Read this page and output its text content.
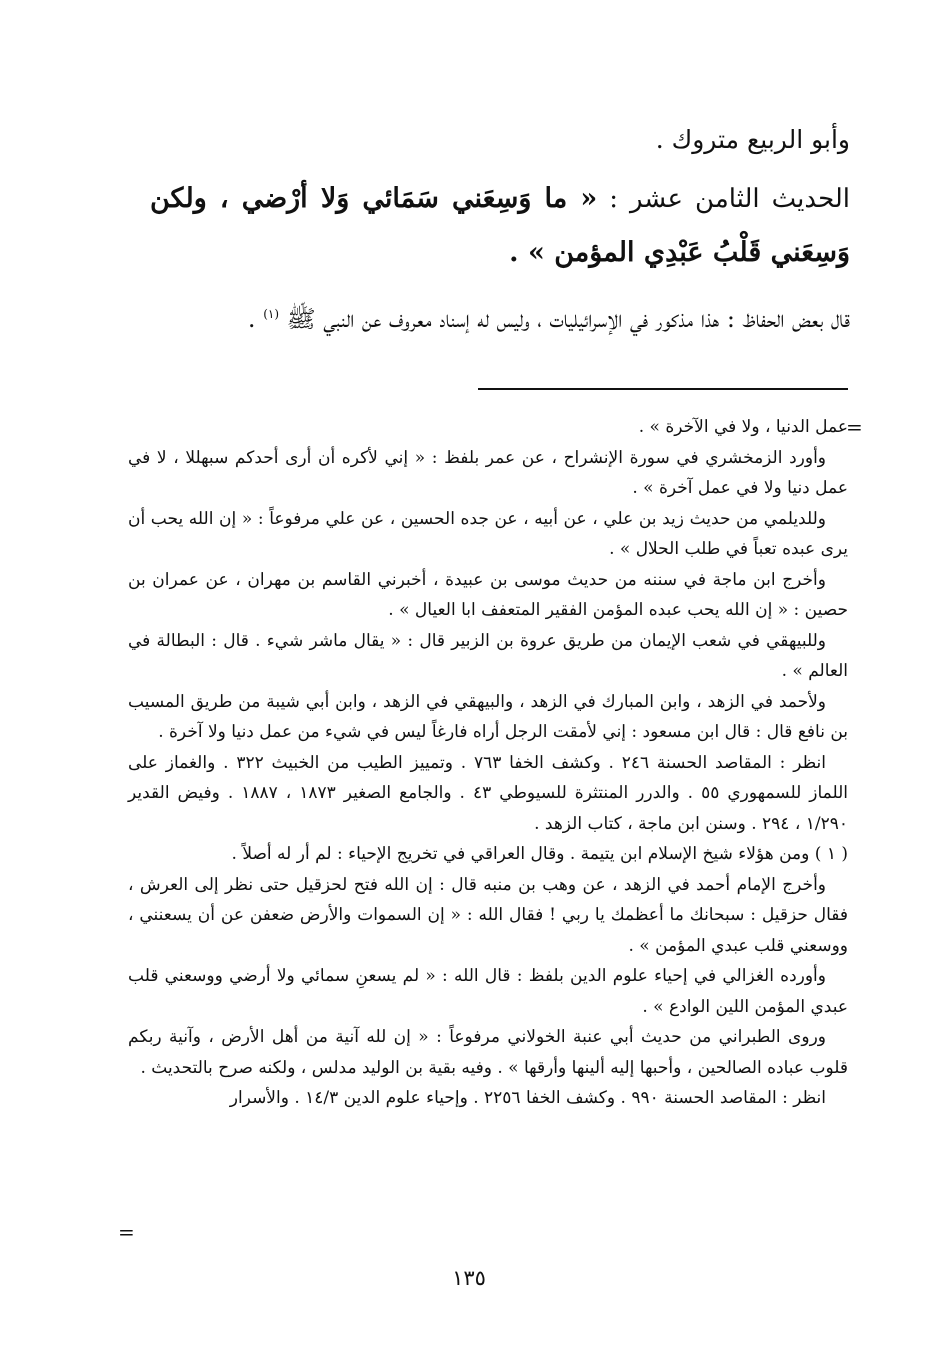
وأبو الربيع متروك .

الحديث الثامن عشر : « ما وَسِعَني سَمَائي وَلا أرْضي ، ولكن وَسِعَني قَلْبُ عَبْدِي المؤمن » .

قال بعض الحفاظ : هذا مذكور في الإسرائيليات ، وليس له إسناد معروف عن النبي ﷺ $^{(١)}$ .

=

عمل الدنيا ، ولا في الآخرة » .

وأورد الزمخشري في سورة الإنشراح ، عن عمر بلفظ : « إني لأكره أن أرى أحدكم سبهللا ، لا في عمل دنيا ولا في عمل آخرة » .

وللديلمي من حديث زيد بن علي ، عن أبيه ، عن جده الحسين ، عن علي مرفوعاً : « إن الله يحب أن يرى عبده تعباً في طلب الحلال » .

وأخرج ابن ماجة في سننه من حديث موسى بن عبيدة ، أخبرني القاسم بن مهران ، عن عمران بن حصين : « إن الله يحب عبده المؤمن الفقير المتعفف ابا العيال » .

وللبيهقي في شعب الإيمان من طريق عروة بن الزبير قال : « يقال ماشر شيء . قال : البطالة في العالم » .

ولأحمد في الزهد ، وابن المبارك في الزهد ، والبيهقي في الزهد ، وابن أبي شيبة من طريق المسيب بن نافع قال : قال ابن مسعود : إني لأمقت الرجل أراه فارغاً ليس في شيء من عمل دنيا ولا آخرة .

انظر : المقاصد الحسنة ٢٤٦ . وكشف الخفا ٧٦٣ . وتمييز الطيب من الخبيث ٣٢٢ . والغماز على اللماز للسمهوري ٥٥ . والدرر المنتثرة للسيوطي ٤٣ . والجامع الصغير ١٨٧٣ ، ١٨٨٧ . وفيض القدير ١/٢٩٠ ، ٢٩٤ . وسنن ابن ماجة ، كتاب الزهد .

( ١ ) ومن هؤلاء شيخ الإسلام ابن يتيمة . وقال العراقي في تخريج الإحياء : لم أر له أصلاً .

وأخرج الإمام أحمد في الزهد ، عن وهب بن منبه قال : إن الله فتح لحزقيل حتى نظر إلى العرش ، فقال حزقيل : سبحانك ما أعظمك يا ربي ! فقال الله : « إن السموات والأرض ضعفن عن أن يسعنني ، ووسعني قلب عبدي المؤمن » .

وأورده الغزالي في إحياء علوم الدين بلفظ : قال الله : « لم يسعنِ سمائي ولا أرضي ووسعني قلب عبدي المؤمن اللين الوادع » .

وروى الطبراني من حديث أبي عنبة الخولاني مرفوعاً : « إن لله آنية من أهل الأرض ، وآنية ربكم قلوب عباده الصالحين ، وأحبها إليه ألينها وأرقها » . وفيه بقية بن الوليد مدلس ، ولكنه صرح بالتحديث .

انظر : المقاصد الحسنة ٩٩٠ . وكشف الخفا ٢٢٥٦ . وإحياء علوم الدين ١٤/٣ . والأسرار

=
١٣٥
